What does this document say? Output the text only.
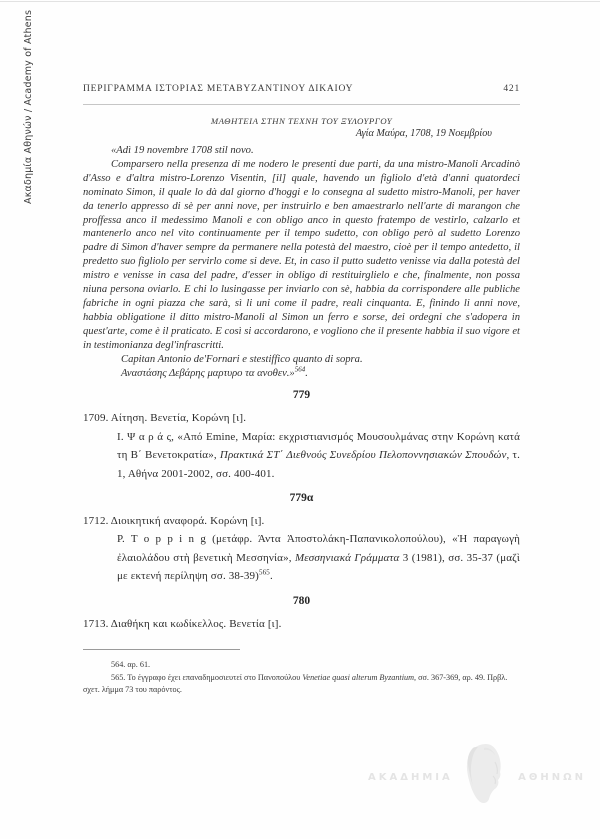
Ακαδημία Αθηνών / Academy of Athens	ΠΕΡΙΓΡΑΜΜΑ ΙΣΤΟΡΙΑΣ ΜΕΤΑΒΥΖΑΝΤΙΝΟΥ ΔΙΚΑΙΟΥ	421

ΜΑΘΗΤΕΙΑ ΣΤΗΝ ΤΕΧΝΗ ΤΟΥ ΞΥΛΟΥΡΓΟΥ

Αγία Μαύρα, 1708, 19 Νοεμβρίου

«Adì 19 novembre 1708 stil novo.

Comparsero nella presenza di me nodero le presenti due parti, da una mistro-Manoli Arcadinò d'Asso e d'altra mistro-Lorenzo Visentin, [il] quale, havendo un figliolo d'età d'anni quatordeci nominato Simon, il quale lo dà dal giorno d'hoggi e lo consegna al sudetto mistro-Manoli, per haver da tenerlo appresso di sè per anni nove, per instruirlo e ben amaestrarlo nell'arte di marangon che proffessa anco il medessimo Manoli e con obligo anco in questo fratempo de vestirlo, calzarlo et mantenerlo anco nel vito continuamente per il tempo sudetto, con obligo però al sudetto Lorenzo padre di Simon d'haver sempre da permanere nella potestà del maestro, cioè per il tempo antedetto, il predetto suo figliolo per servirlo come si deve. Et, in caso il putto sudetto venisse via dalla potestà del mistro e venisse in casa del padre, d'esser in obligo di restituirglielo e che, finalmente, non possa niuna persona oviarlo. E chi lo lusingasse per inviarlo con sè, habbia da corrispondere alle publiche fabriche in ogni piazza che sarà, sì li uni come il padre, reali cinquanta. E, finindo li anni nove, habbia obligatione il ditto mistro-Manoli al Simon un ferro e sorse, dei ordegni che s'adopera in quest'arte, come è il praticato. E così si accordarono, e vogliono che il presente habbia il suo vigore et in testimonianza degl'infrascritti.

Capitan Antonio de'Fornari e stestiffico quanto di sopra.

Αναστάσης Δεβάρης μαρτυρο τα ανοθεν.»$^{564}$.

779

1709. Αίτηση. Βενετία, Κορώνη [ι].

Ι. Ψ α ρ ά ς, «Από Emine, Μαρία: εκχριστιανισμός Μουσουλμάνας στην Κορώνη κατά τη Β΄ Βενετοκρατία», Πρακτικά ΣΤ΄ Διεθνούς Συνεδρίου Πελοποννησιακών Σπουδών, τ. 1, Αθήνα 2001-2002, σσ. 400-401.

779α

1712. Διοικητική αναφορά. Κορώνη [ι].

P. T o p p i n g (μετάφρ. Άντα Ἀποστολάκη-Παπανικολοπούλου), «Ἡ παραγωγὴ ἐλαιολάδου στὴ βενετικὴ Μεσσηνία», Μεσσηνιακά Γράμματα 3 (1981), σσ. 35-37 (μαζὶ με εκτενή περίληψη σσ. 38-39)$^{565}$.

780

1713. Διαθήκη και κωδίκελλος. Βενετία [ι].

564. αρ. 61.

565. Το έγγραφο έχει επαναδημοσιευτεί στο Πανοπούλου Venetiae quasi alterum Byzantium, σσ. 367-369, αρ. 49. Πρβλ. σχετ. λήμμα 73 του παρόντος.

ΑΚΑΔΗΜΙΑ	ΑΘΗΝΩΝ
